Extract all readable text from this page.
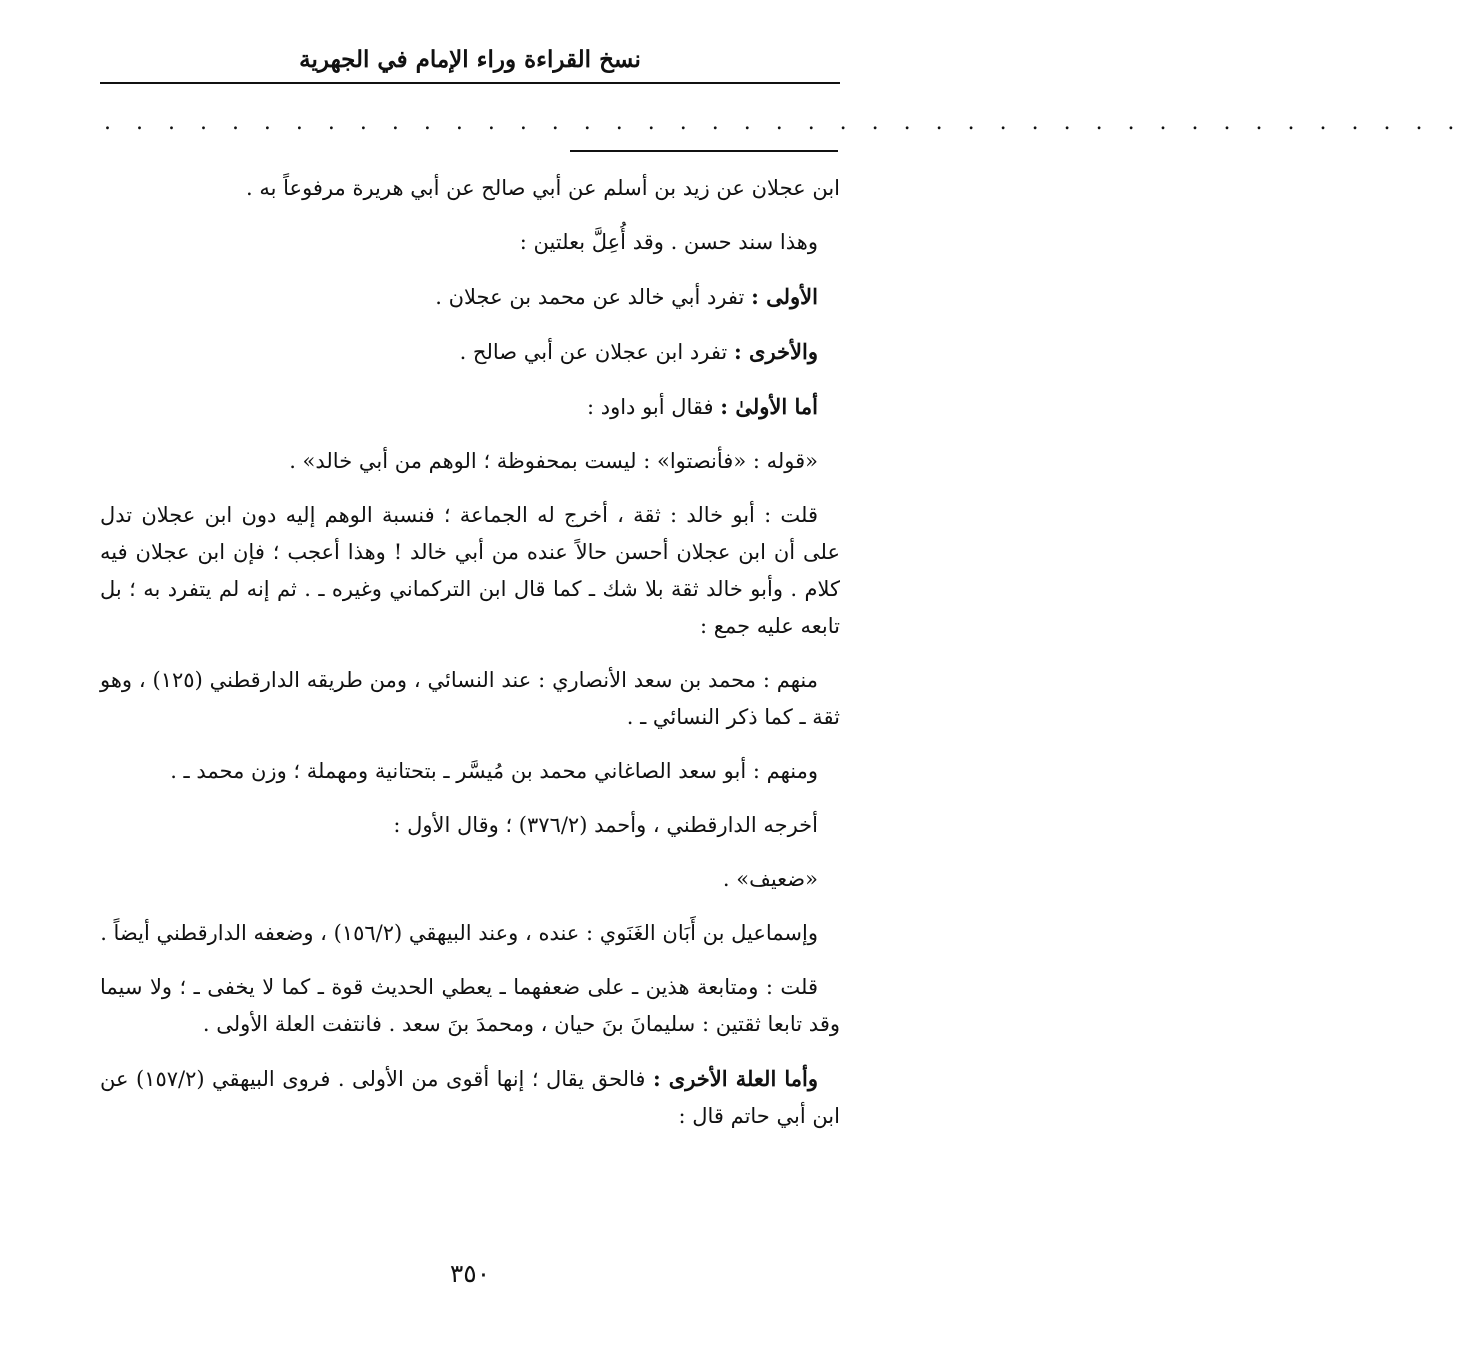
نسخ القراءة وراء الإمام في الجهرية
. . . . . . . . . . . . . . . . . . . . . . . . . . . . . . . . . . . . . . . . . . .

ابن عجلان عن زيد بن أسلم عن أبي صالح عن أبي هريرة مرفوعاً به .

وهذا سند حسن . وقد أُعِلَّ بعلتين :

الأولى : تفرد أبي خالد عن محمد بن عجلان .

والأخرى : تفرد ابن عجلان عن أبي صالح .

أما الأولىٰ : فقال أبو داود :

«قوله : «فأنصتوا» : ليست بمحفوظة ؛ الوهم من أبي خالد» .

قلت : أبو خالد : ثقة ، أخرج له الجماعة ؛ فنسبة الوهم إليه دون ابن عجلان تدل على أن ابن عجلان أحسن حالاً عنده من أبي خالد ! وهذا أعجب ؛ فإن ابن عجلان فيه كلام . وأبو خالد ثقة بلا شك ـ كما قال ابن التركماني وغيره ـ . ثم إنه لم يتفرد به ؛ بل تابعه عليه جمع :

منهم : محمد بن سعد الأنصاري : عند النسائي ، ومن طريقه الدارقطني (١٢٥) ، وهو ثقة ـ كما ذكر النسائي ـ .

ومنهم : أبو سعد الصاغاني محمد بن مُيسَّر ـ بتحتانية ومهملة ؛ وزن محمد ـ .

أخرجه الدارقطني ، وأحمد (٣٧٦/٢) ؛ وقال الأول :

«ضعيف» .

وإسماعيل بن أَبَان الغَنَوي : عنده ، وعند البيهقي (١٥٦/٢) ، وضعفه الدارقطني أيضاً .

قلت : ومتابعة هذين ـ على ضعفهما ـ يعطي الحديث قوة ـ كما لا يخفى ـ ؛ ولا سيما وقد تابعا ثقتين : سليمانَ بنَ حيان ، ومحمدَ بنَ سعد . فانتفت العلة الأولى .

وأما العلة الأخرى : فالحق يقال ؛ إنها أقوى من الأولى . فروى البيهقي (١٥٧/٢) عن ابن أبي حاتم قال :

٣٥٠
